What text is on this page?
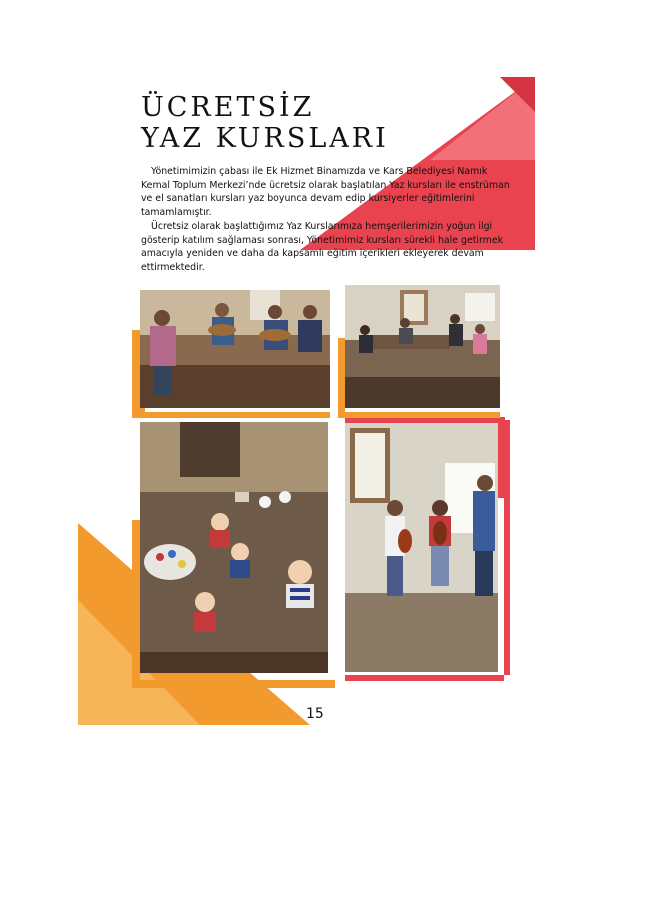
ÜCRETSİZ
YAZ KURSLARI

Yönetimimizin çabası ile Ek Hizmet Binamızda ve Kars Belediyesi Namık Kemal Toplum Merkezi’nde ücretsiz olarak başlatılan Yaz kursları ile enstrüman ve el sanatları kursları yaz boyunca devam edip kursiyerler eğitimlerini tamamlamıştır.

Ücretsiz olarak başlattığımız Yaz Kurslarımıza hemşerilerimizin yoğun ilgi gösterip katılım sağlaması sonrası, Yönetimimiz kursları sürekli hale getirmek amacıyla yeniden ve daha da kapsamlı eğitim içerikleri ekleyerek devam ettirmektedir.

15
